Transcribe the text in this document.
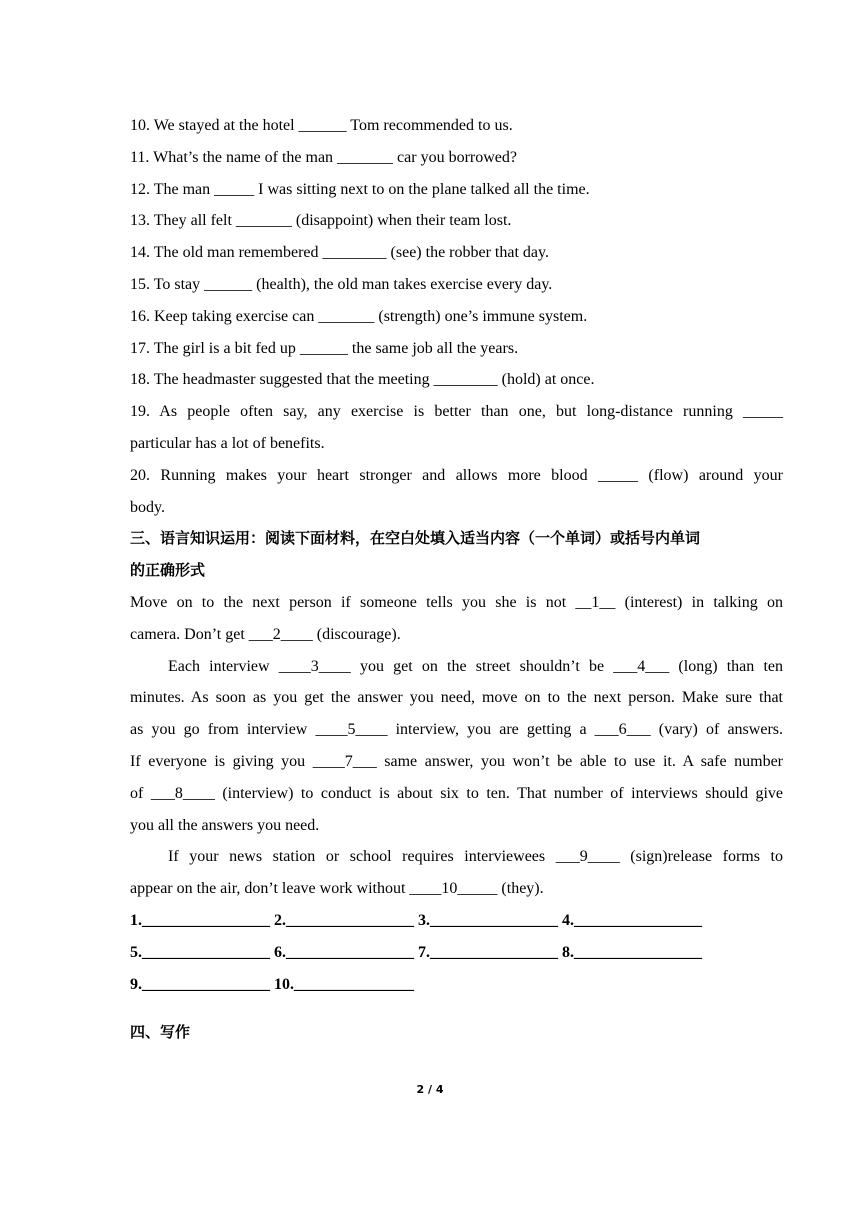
10. We stayed at the hotel ______ Tom recommended to us.
11. What’s the name of the man _______ car you borrowed?
12. The man _____ I was sitting next to on the plane talked all the time.
13. They all felt _______ (disappoint) when their team lost.
14. The old man remembered ________ (see) the robber that day.
15. To stay ______ (health), the old man takes exercise every day.
16. Keep taking exercise can _______ (strength) one’s immune system.
17. The girl is a bit fed up ______ the same job all the years.
18. The headmaster suggested that the meeting ________ (hold) at once.
19. As people often say, any exercise is better than one, but long-distance running _____
particular has a lot of benefits.
20. Running makes your heart stronger and allows more blood _____ (flow) around your
body.
三、语言知识运用：阅读下面材料，在空白处填入适当内容（一个单词）或括号内单词
的正确形式
Move on to the next person if someone tells you she is not __1__ (interest) in talking on
camera. Don’t get ___2____ (discourage).
Each interview ____3____ you get on the street shouldn’t be ___4___ (long) than ten
minutes. As soon as you get the answer you need, move on to the next person. Make sure that
as you go from interview ____5____ interview, you are getting a ___6___ (vary) of answers.
If everyone is giving you ____7___ same answer, you won’t be able to use it. A safe number
of ___8____ (interview) to conduct is about six to ten. That number of interviews should give
you all the answers you need.
If your news station or school requires interviewees ___9____ (sign)release forms to
appear on the air, don’t leave work without ____10_____ (they).
1.________________ 2.________________ 3.________________ 4.________________
5.________________ 6.________________ 7.________________ 8.________________
9.________________ 10._______________
四、写作
2 / 4
